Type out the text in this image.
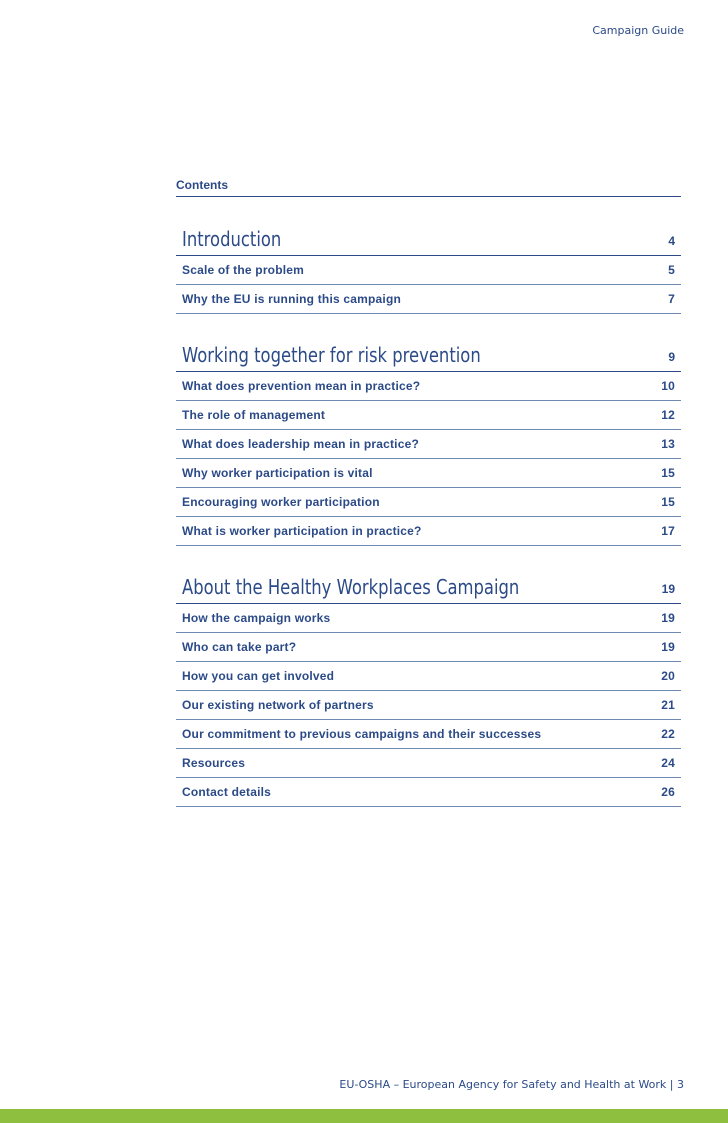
Campaign Guide
Contents
Introduction	4
Scale of the problem	5
Why the EU is running this campaign	7
Working together for risk prevention	9
What does prevention mean in practice?	10
The role of management	12
What does leadership mean in practice?	13
Why worker participation is vital	15
Encouraging worker participation	15
What is worker participation in practice?	17
About the Healthy Workplaces Campaign	19
How the campaign works	19
Who can take part?	19
How you can get involved	20
Our existing network of partners	21
Our commitment to previous campaigns and their successes	22
Resources	24
Contact details	26
EU-OSHA – European Agency for Safety and Health at Work | 3
